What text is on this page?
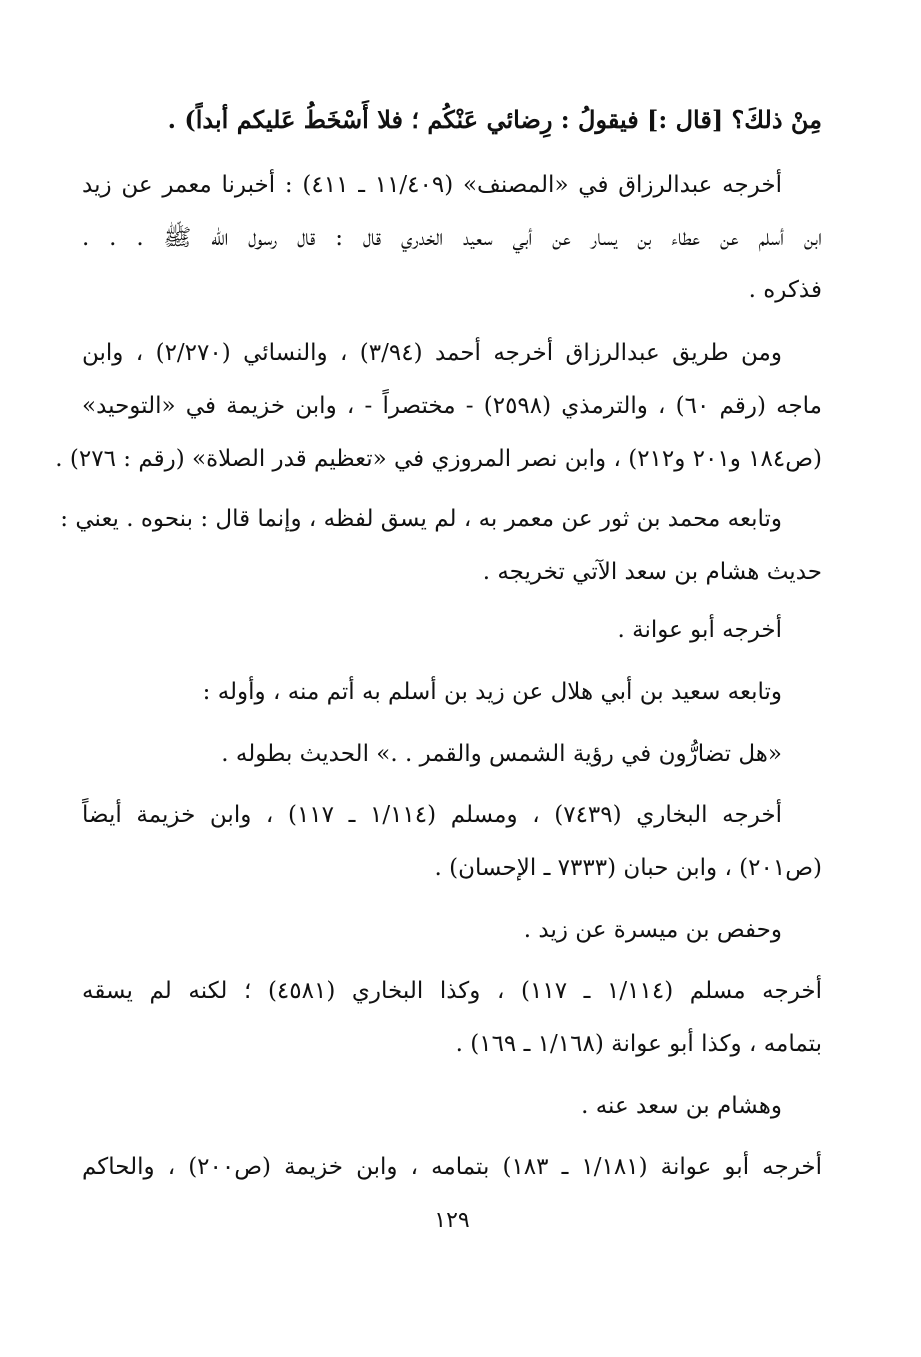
مِنْ ذلكَ؟ [قال :] فيقولُ : رِضائي عَنْكُم ؛ فلا أَسْخَطُ عَليكم أبداً) .
أخرجه عبدالرزاق في «المصنف» (١١/٤٠٩ ـ ٤١١) : أخبرنا معمر عن زيد
ابن أسلم عن عطاء بن يسار عن أبي سعيد الخدري قال : قال رسول الله ﷺ . . .
فذكره .
ومن طريق عبدالرزاق أخرجه أحمد (٣/٩٤) ، والنسائي (٢/٢٧٠) ، وابن
ماجه (رقم ٦٠) ، والترمذي (٢٥٩٨) - مختصراً - ، وابن خزيمة في «التوحيد»
(ص١٨٤ و٢٠١ و٢١٢) ، وابن نصر المروزي في «تعظيم قدر الصلاة» (رقم : ٢٧٦) .
وتابعه محمد بن ثور عن معمر به ، لم يسق لفظه ، وإنما قال : بنحوه . يعني :
حديث هشام بن سعد الآتي تخريجه .
أخرجه أبو عوانة .
وتابعه سعيد بن أبي هلال عن زيد بن أسلم به أتم منه ، وأوله :
«هل تضارُّون في رؤية الشمس والقمر . .» الحديث بطوله .
أخرجه البخاري (٧٤٣٩) ، ومسلم (١/١١٤ ـ ١١٧) ، وابن خزيمة أيضاً
(ص٢٠١) ، وابن حبان (٧٣٣٣ ـ الإحسان) .
وحفص بن ميسرة عن زيد .
أخرجه مسلم (١/١١٤ ـ ١١٧) ، وكذا البخاري (٤٥٨١) ؛ لكنه لم يسقه
بتمامه ، وكذا أبو عوانة (١/١٦٨ ـ ١٦٩) .
وهشام بن سعد عنه .
أخرجه أبو عوانة (١/١٨١ ـ ١٨٣) بتمامه ، وابن خزيمة (ص٢٠٠) ، والحاكم
١٢٩
